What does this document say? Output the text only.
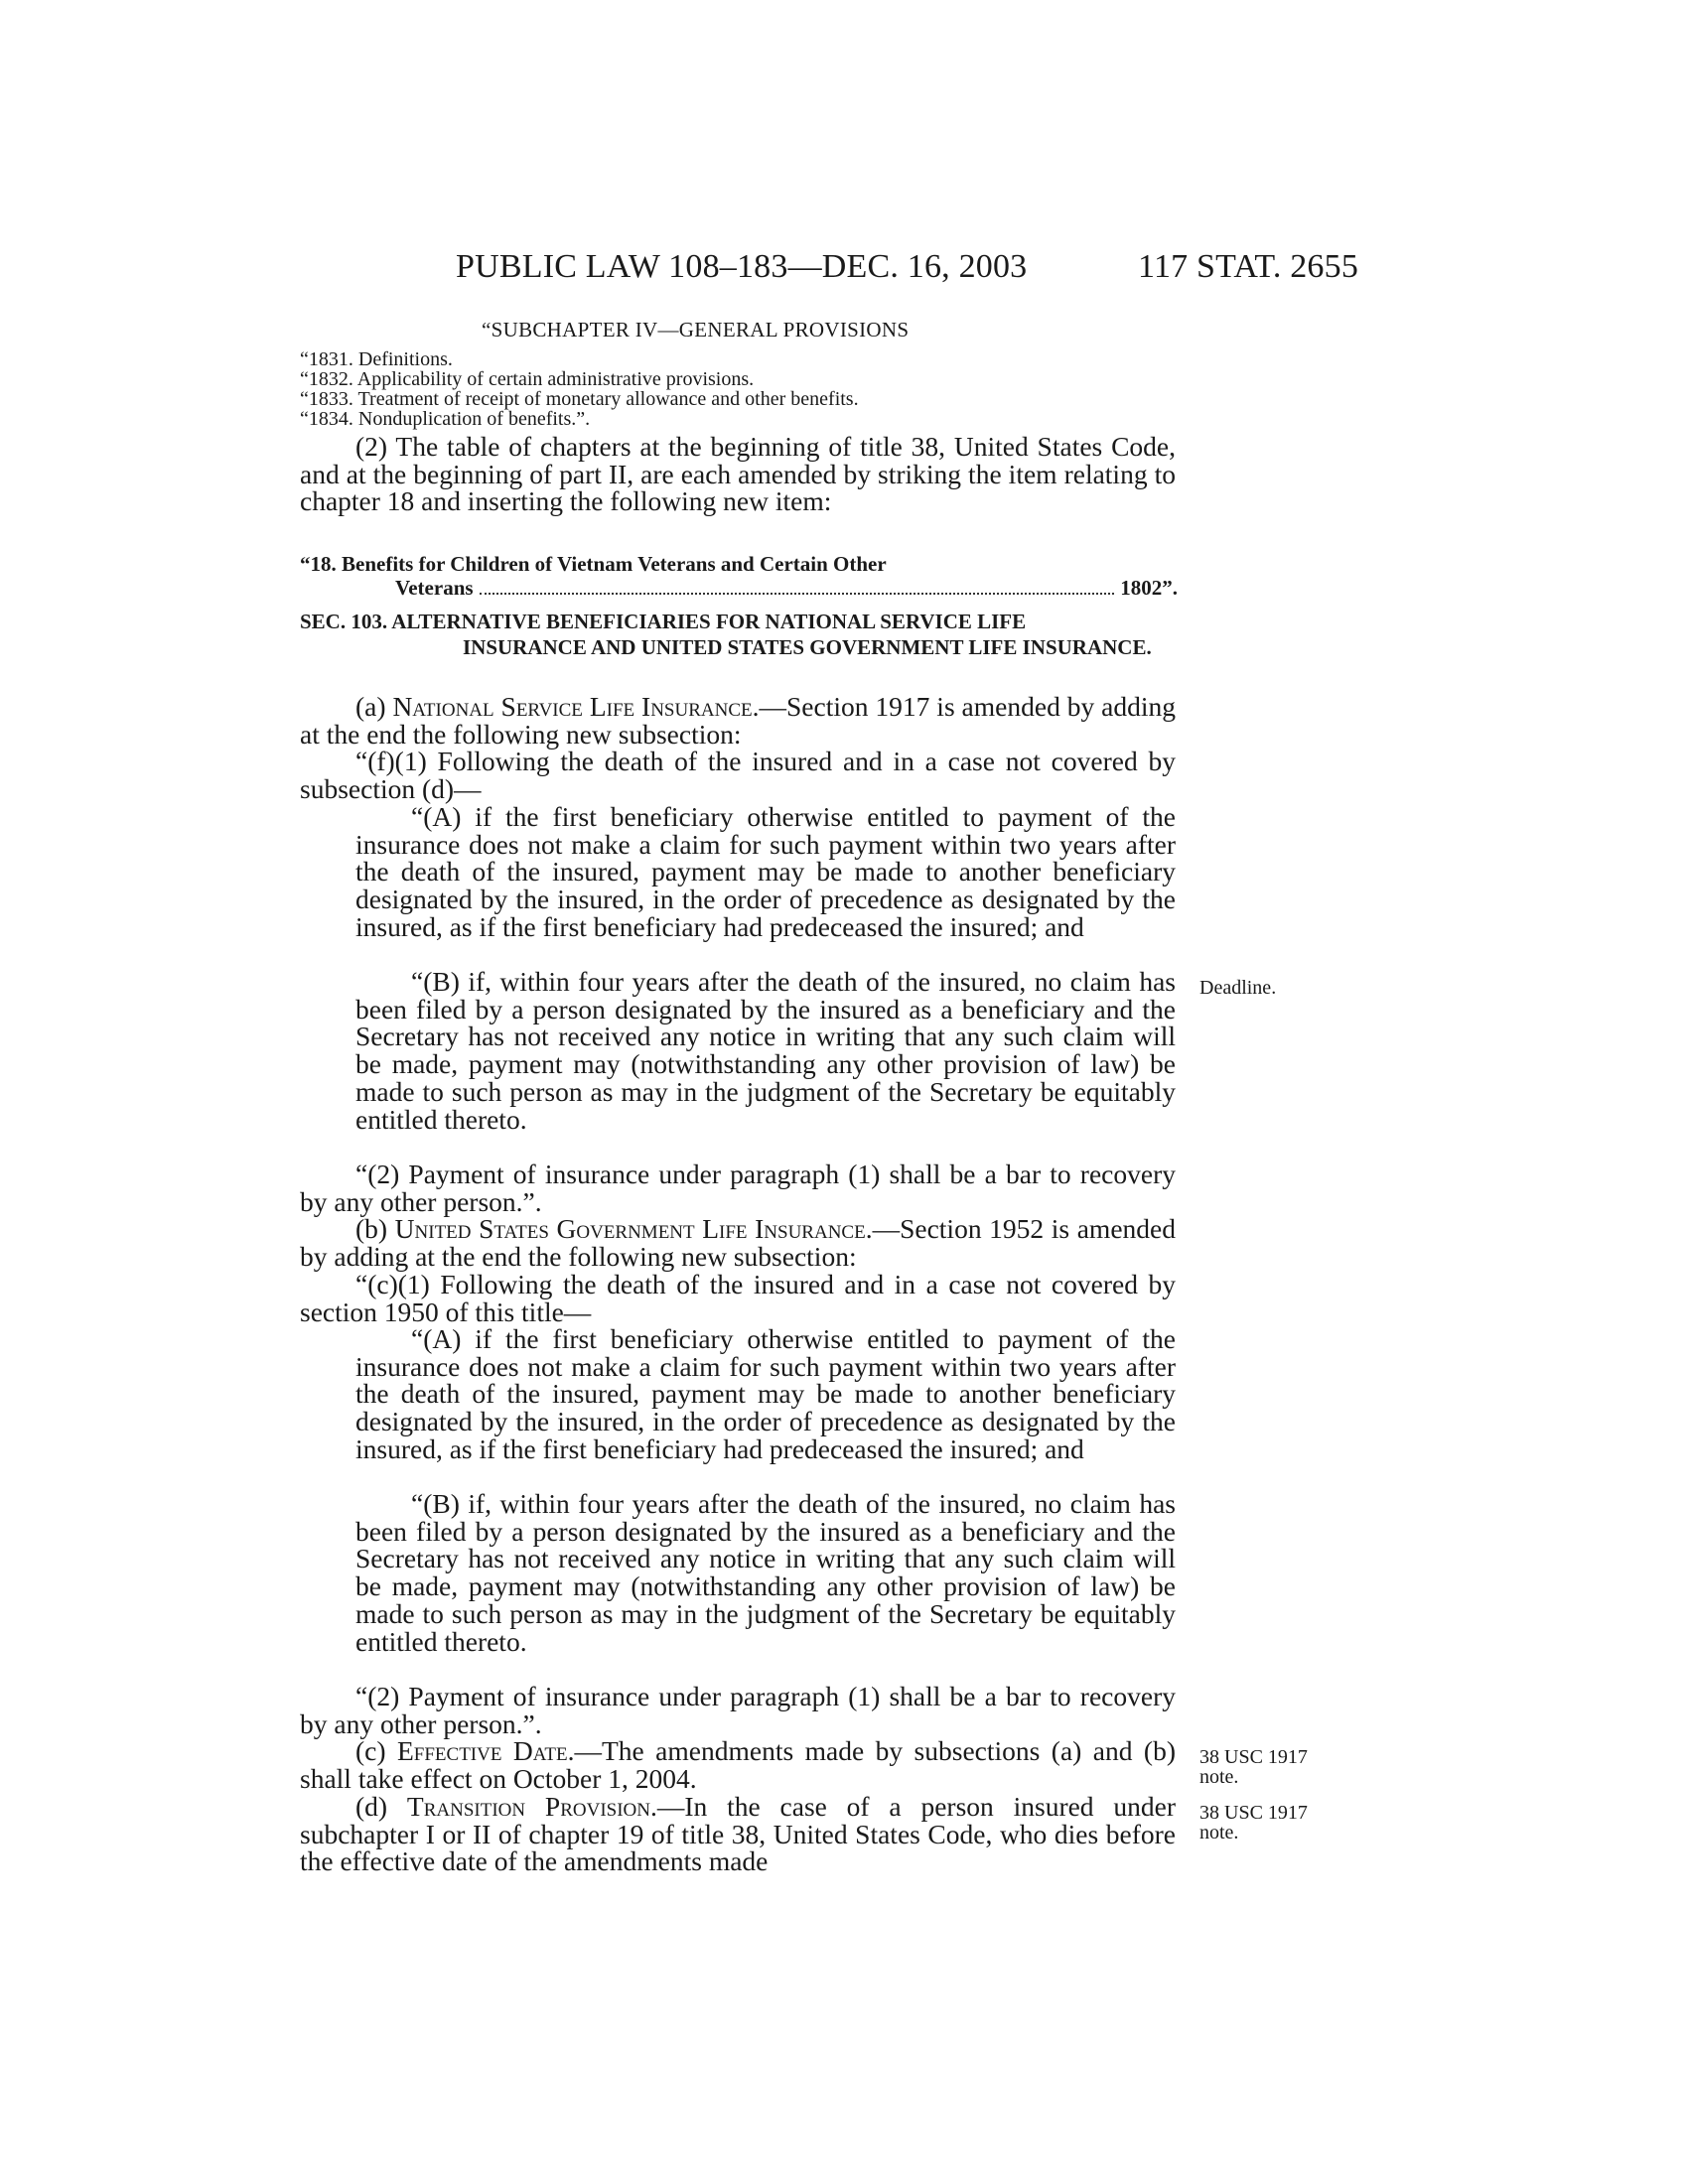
PUBLIC LAW 108–183—DEC. 16, 2003	117 STAT. 2655
“SUBCHAPTER IV—GENERAL PROVISIONS
“1831. Definitions.
“1832. Applicability of certain administrative provisions.
“1833. Treatment of receipt of monetary allowance and other benefits.
“1834. Nonduplication of benefits.”.
(2) The table of chapters at the beginning of title 38, United States Code, and at the beginning of part II, are each amended by striking the item relating to chapter 18 and inserting the following new item:
“18. Benefits for Children of Vietnam Veterans and Certain Other
Veterans	1802”.
SEC. 103. ALTERNATIVE BENEFICIARIES FOR NATIONAL SERVICE LIFE
INSURANCE AND UNITED STATES GOVERNMENT LIFE INSURANCE.
(a) National Service Life Insurance.—Section 1917 is amended by adding at the end the following new subsection:
“(f)(1) Following the death of the insured and in a case not covered by subsection (d)—
“(A) if the first beneficiary otherwise entitled to payment of the insurance does not make a claim for such payment within two years after the death of the insured, payment may be made to another beneficiary designated by the insured, in the order of precedence as designated by the insured, as if the first beneficiary had predeceased the insured; and
“(B) if, within four years after the death of the insured, no claim has been filed by a person designated by the insured as a beneficiary and the Secretary has not received any notice in writing that any such claim will be made, payment may (notwithstanding any other provision of law) be made to such person as may in the judgment of the Secretary be equitably entitled thereto.
“(2) Payment of insurance under paragraph (1) shall be a bar to recovery by any other person.”.
(b) United States Government Life Insurance.—Section 1952 is amended by adding at the end the following new subsection:
“(c)(1) Following the death of the insured and in a case not covered by section 1950 of this title—
“(A) if the first beneficiary otherwise entitled to payment of the insurance does not make a claim for such payment within two years after the death of the insured, payment may be made to another beneficiary designated by the insured, in the order of precedence as designated by the insured, as if the first beneficiary had predeceased the insured; and
“(B) if, within four years after the death of the insured, no claim has been filed by a person designated by the insured as a beneficiary and the Secretary has not received any notice in writing that any such claim will be made, payment may (notwithstanding any other provision of law) be made to such person as may in the judgment of the Secretary be equitably entitled thereto.
“(2) Payment of insurance under paragraph (1) shall be a bar to recovery by any other person.”.
(c) Effective Date.—The amendments made by subsections (a) and (b) shall take effect on October 1, 2004.
(d) Transition Provision.—In the case of a person insured under subchapter I or II of chapter 19 of title 38, United States Code, who dies before the effective date of the amendments made
Deadline.
38 USC 1917
note.
38 USC 1917
note.
